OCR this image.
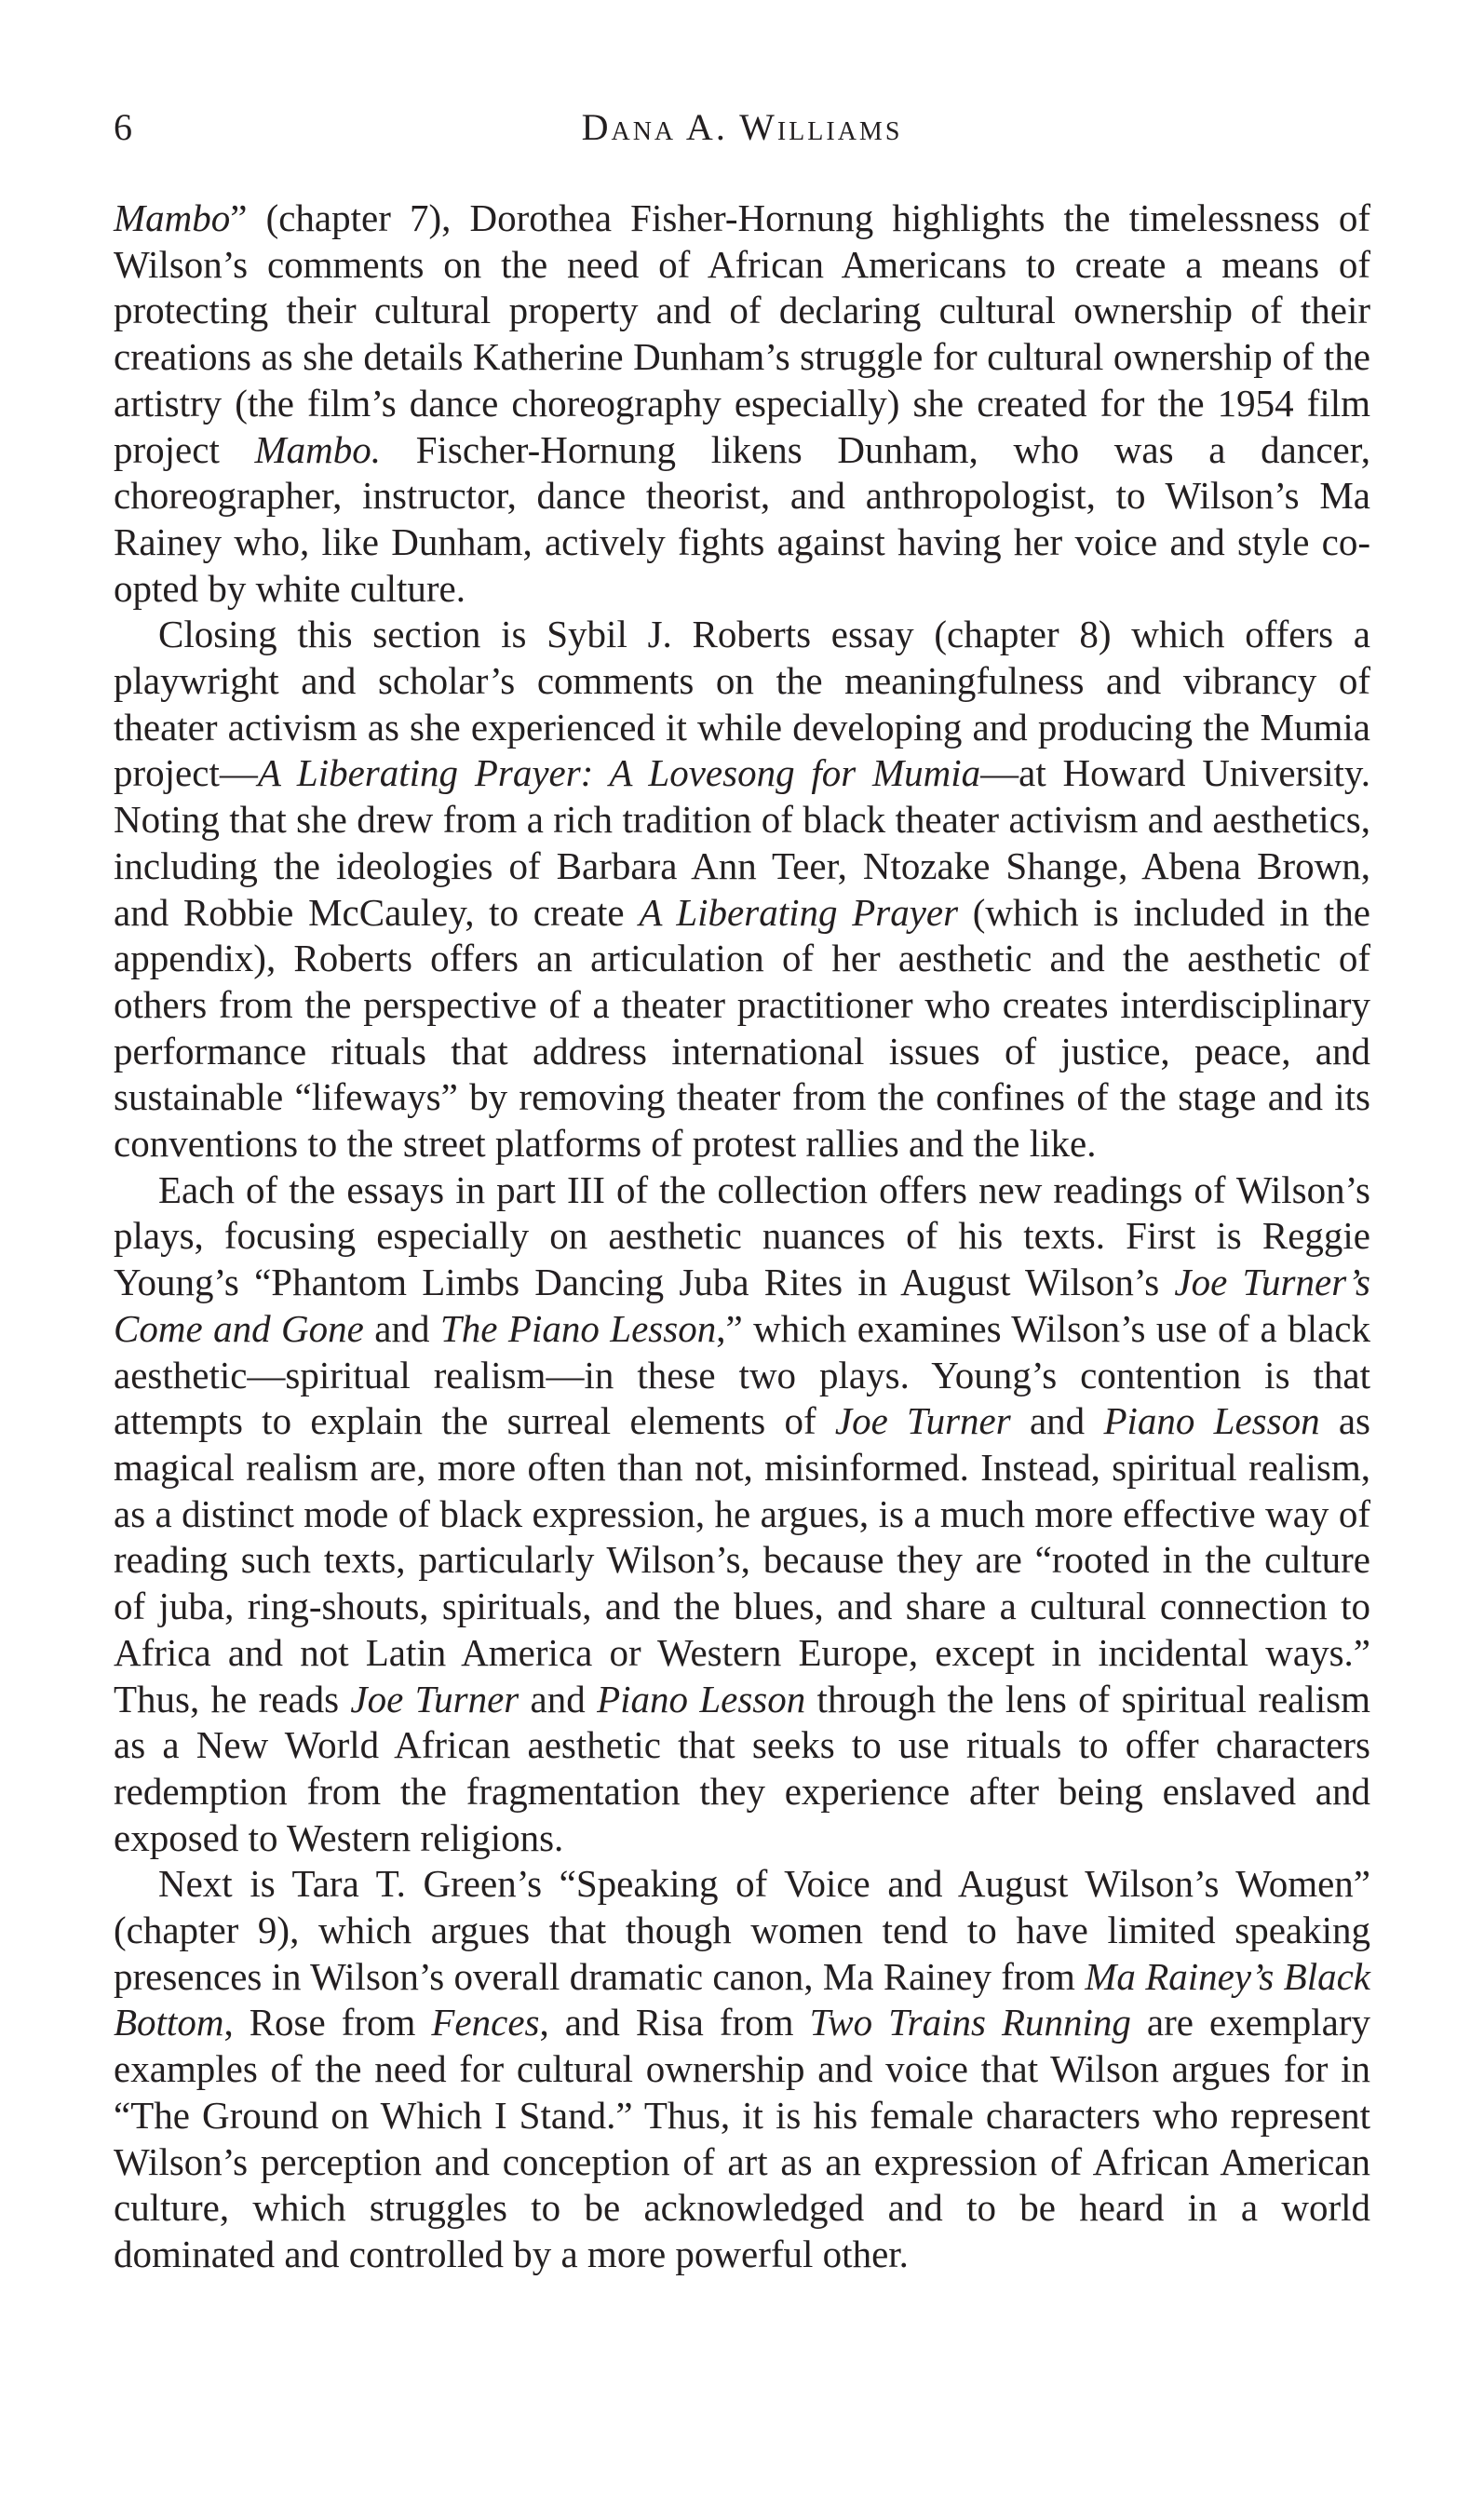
6	Dana A. Williams

Mambo” (chapter 7), Dorothea Fisher-Hornung highlights the timelessness of Wilson’s comments on the need of African Americans to create a means of protecting their cultural property and of declaring cultural ownership of their creations as she details Katherine Dunham’s struggle for cultural ownership of the artistry (the film’s dance choreography especially) she created for the 1954 film project Mambo. Fischer-Hornung likens Dunham, who was a dancer, choreographer, instructor, dance theorist, and anthropologist, to Wilson’s Ma Rainey who, like Dunham, actively fights against having her voice and style co-opted by white culture.

Closing this section is Sybil J. Roberts essay (chapter 8) which offers a playwright and scholar’s comments on the meaningfulness and vibrancy of theater activism as she experienced it while developing and producing the Mumia project—A Liberating Prayer: A Lovesong for Mumia—at Howard University. Noting that she drew from a rich tradition of black theater activism and aesthetics, including the ideologies of Barbara Ann Teer, Ntozake Shange, Abena Brown, and Robbie McCauley, to create A Liberating Prayer (which is included in the appendix), Roberts offers an articulation of her aesthetic and the aesthetic of others from the perspective of a theater practitioner who creates interdisciplinary performance rituals that address international issues of justice, peace, and sustainable “lifeways” by removing theater from the confines of the stage and its conventions to the street platforms of protest rallies and the like.

Each of the essays in part III of the collection offers new readings of Wilson’s plays, focusing especially on aesthetic nuances of his texts. First is Reggie Young’s “Phantom Limbs Dancing Juba Rites in August Wilson’s Joe Turner’s Come and Gone and The Piano Lesson,” which examines Wilson’s use of a black aesthetic—spiritual realism—in these two plays. Young’s contention is that attempts to explain the surreal elements of Joe Turner and Piano Lesson as magical realism are, more often than not, misinformed. Instead, spiritual realism, as a distinct mode of black expression, he argues, is a much more effective way of reading such texts, particularly Wilson’s, because they are “rooted in the culture of juba, ring-shouts, spirituals, and the blues, and share a cultural connection to Africa and not Latin America or Western Europe, except in incidental ways.” Thus, he reads Joe Turner and Piano Lesson through the lens of spiritual realism as a New World African aesthetic that seeks to use rituals to offer characters redemption from the fragmentation they experience after being enslaved and exposed to Western religions.

Next is Tara T. Green’s “Speaking of Voice and August Wilson’s Women” (chapter 9), which argues that though women tend to have limited speaking presences in Wilson’s overall dramatic canon, Ma Rainey from Ma Rainey’s Black Bottom, Rose from Fences, and Risa from Two Trains Running are exemplary examples of the need for cultural ownership and voice that Wilson argues for in “The Ground on Which I Stand.” Thus, it is his female characters who represent Wilson’s perception and conception of art as an expression of African American culture, which struggles to be acknowledged and to be heard in a world dominated and controlled by a more powerful other.
